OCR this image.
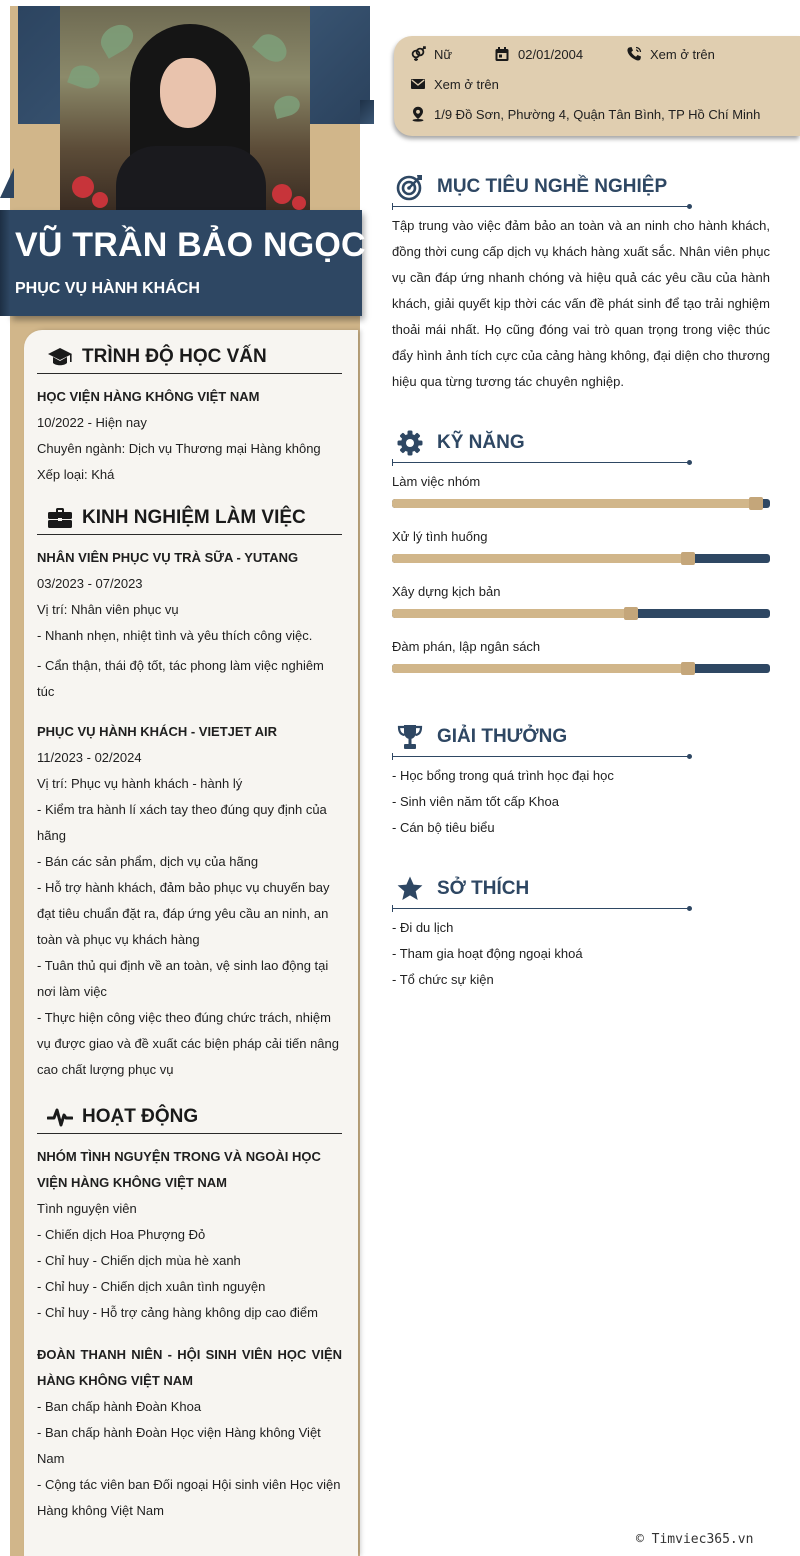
VŨ TRẦN BẢO NGỌC
PHỤC VỤ HÀNH KHÁCH
TRÌNH ĐỘ HỌC VẤN
HỌC VIỆN HÀNG KHÔNG VIỆT NAM
10/2022 - Hiện nay
Chuyên ngành: Dịch vụ Thương mại Hàng không
Xếp loại: Khá
KINH NGHIỆM LÀM VIỆC
NHÂN VIÊN PHỤC VỤ TRÀ SỮA - YUTANG
03/2023 - 07/2023
Vị trí: Nhân viên phục vụ
- Nhanh nhẹn, nhiệt tình và yêu thích công việc.
- Cẩn thận, thái độ tốt, tác phong làm việc nghiêm túc
PHỤC VỤ HÀNH KHÁCH - VIETJET AIR
11/2023 - 02/2024
Vị trí: Phục vụ hành khách - hành lý
- Kiểm tra hành lí xách tay theo đúng quy định của hãng
- Bán các sản phẩm, dịch vụ của hãng
- Hỗ trợ hành khách, đảm bảo phục vụ chuyến bay đạt tiêu chuẩn đặt ra, đáp ứng yêu cầu an ninh, an toàn và phục vụ khách hàng
- Tuân thủ qui định về an toàn, vệ sinh lao động tại nơi làm việc
- Thực hiện công việc theo đúng chức trách, nhiệm vụ được giao và đề xuất các biện pháp cải tiến nâng cao chất lượng phục vụ
HOẠT ĐỘNG
NHÓM TÌNH NGUYỆN TRONG VÀ NGOÀI HỌC VIỆN HÀNG KHÔNG VIỆT NAM
Tình nguyện viên
- Chiến dịch Hoa Phượng Đỏ
- Chỉ huy - Chiến dịch mùa hè xanh
- Chỉ huy - Chiến dịch xuân tình nguyện
- Chỉ huy - Hỗ trợ cảng hàng không dịp cao điểm
ĐOÀN THANH NIÊN - HỘI SINH VIÊN HỌC VIỆN HÀNG KHÔNG VIỆT NAM
- Ban chấp hành Đoàn Khoa
- Ban chấp hành Đoàn Học viện Hàng không Việt Nam
- Cộng tác viên ban Đối ngoại Hội sinh viên Học viện Hàng không Việt Nam
Nữ	02/01/2004	Xem ở trên
Xem ở trên
1/9 Đồ Sơn, Phường 4, Quận Tân Bình, TP Hồ Chí Minh
MỤC TIÊU NGHỀ NGHIỆP
Tập trung vào việc đảm bảo an toàn và an ninh cho hành khách, đồng thời cung cấp dịch vụ khách hàng xuất sắc. Nhân viên phục vụ cần đáp ứng nhanh chóng và hiệu quả các yêu cầu của hành khách, giải quyết kịp thời các vấn đề phát sinh để tạo trải nghiệm thoải mái nhất. Họ cũng đóng vai trò quan trọng trong việc thúc đẩy hình ảnh tích cực của cảng hàng không, đại diện cho thương hiệu qua từng tương tác chuyên nghiệp.
KỸ NĂNG
Làm việc nhóm
Xử lý tình huống
Xây dựng kịch bản
Đàm phán, lập ngân sách
GIẢI THƯỞNG
- Học bổng trong quá trình học đại học
- Sinh viên năm tốt cấp Khoa
- Cán bộ tiêu biểu
SỞ THÍCH
- Đi du lịch
- Tham gia hoạt động ngoại khoá
- Tổ chức sự kiện
© Timviec365.vn
